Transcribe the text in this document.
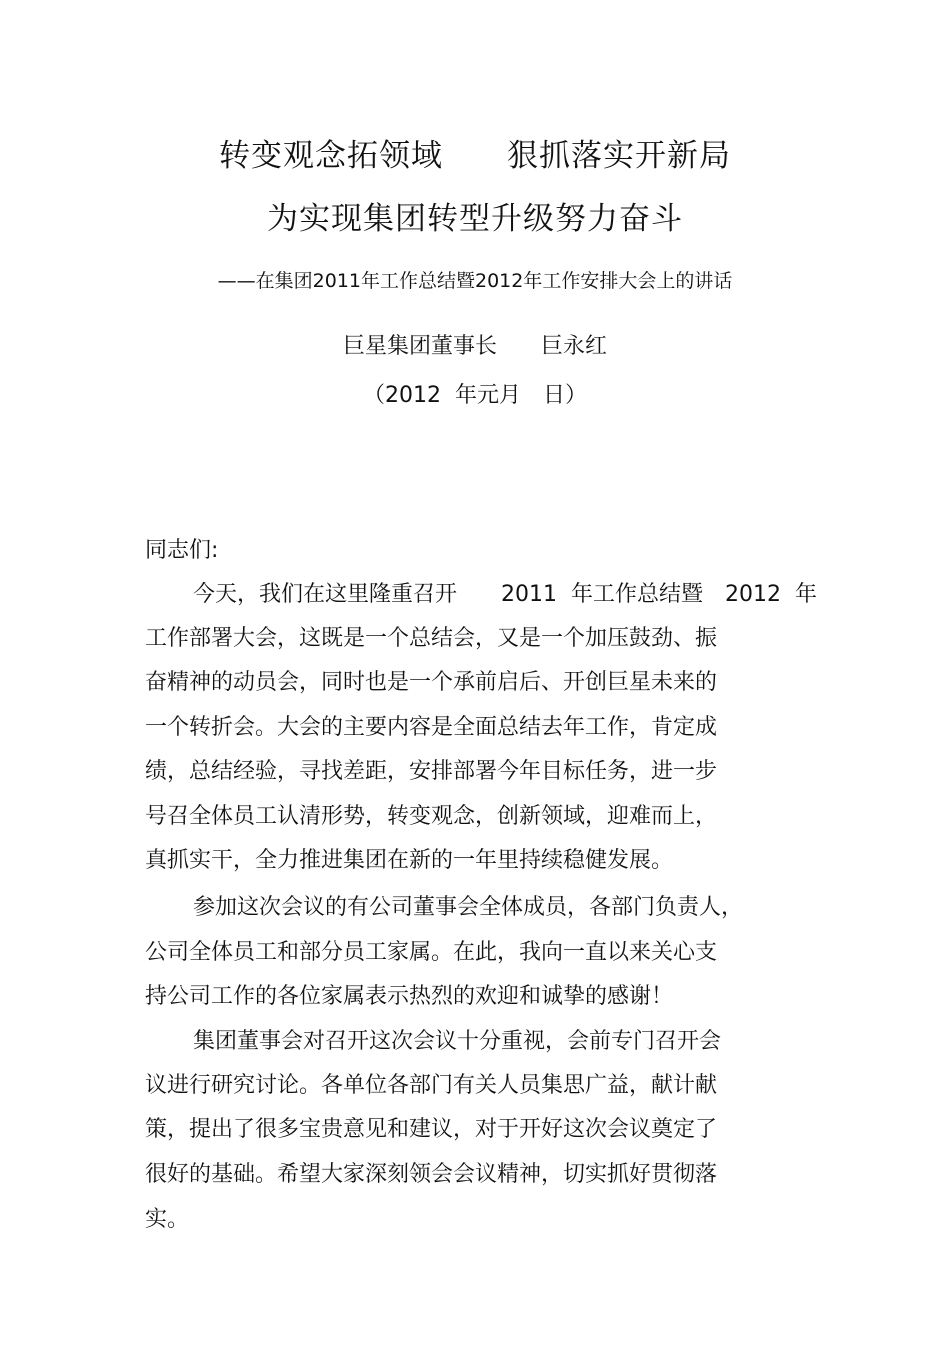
转变观念拓领域　　狠抓落实开新局
为实现集团转型升级努力奋斗
——在集团2011年工作总结暨2012年工作安排大会上的讲话
巨星集团董事长　　巨永红
（2012  年元月　日）
同志们:
今天，我们在这里隆重召开　　2011  年工作总结暨　2012  年
工作部署大会，这既是一个总结会，又是一个加压鼓劲、振
奋精神的动员会，同时也是一个承前启后、开创巨星未来的
一个转折会。大会的主要内容是全面总结去年工作，肯定成
绩，总结经验，寻找差距，安排部署今年目标任务，进一步
号召全体员工认清形势，转变观念，创新领域，迎难而上，
真抓实干，全力推进集团在新的一年里持续稳健发展。
参加这次会议的有公司董事会全体成员，各部门负责人，
公司全体员工和部分员工家属。在此，我向一直以来关心支
持公司工作的各位家属表示热烈的欢迎和诚挚的感谢！
集团董事会对召开这次会议十分重视，会前专门召开会
议进行研究讨论。各单位各部门有关人员集思广益，献计献
策，提出了很多宝贵意见和建议，对于开好这次会议奠定了
很好的基础。希望大家深刻领会会议精神，切实抓好贯彻落
实。
